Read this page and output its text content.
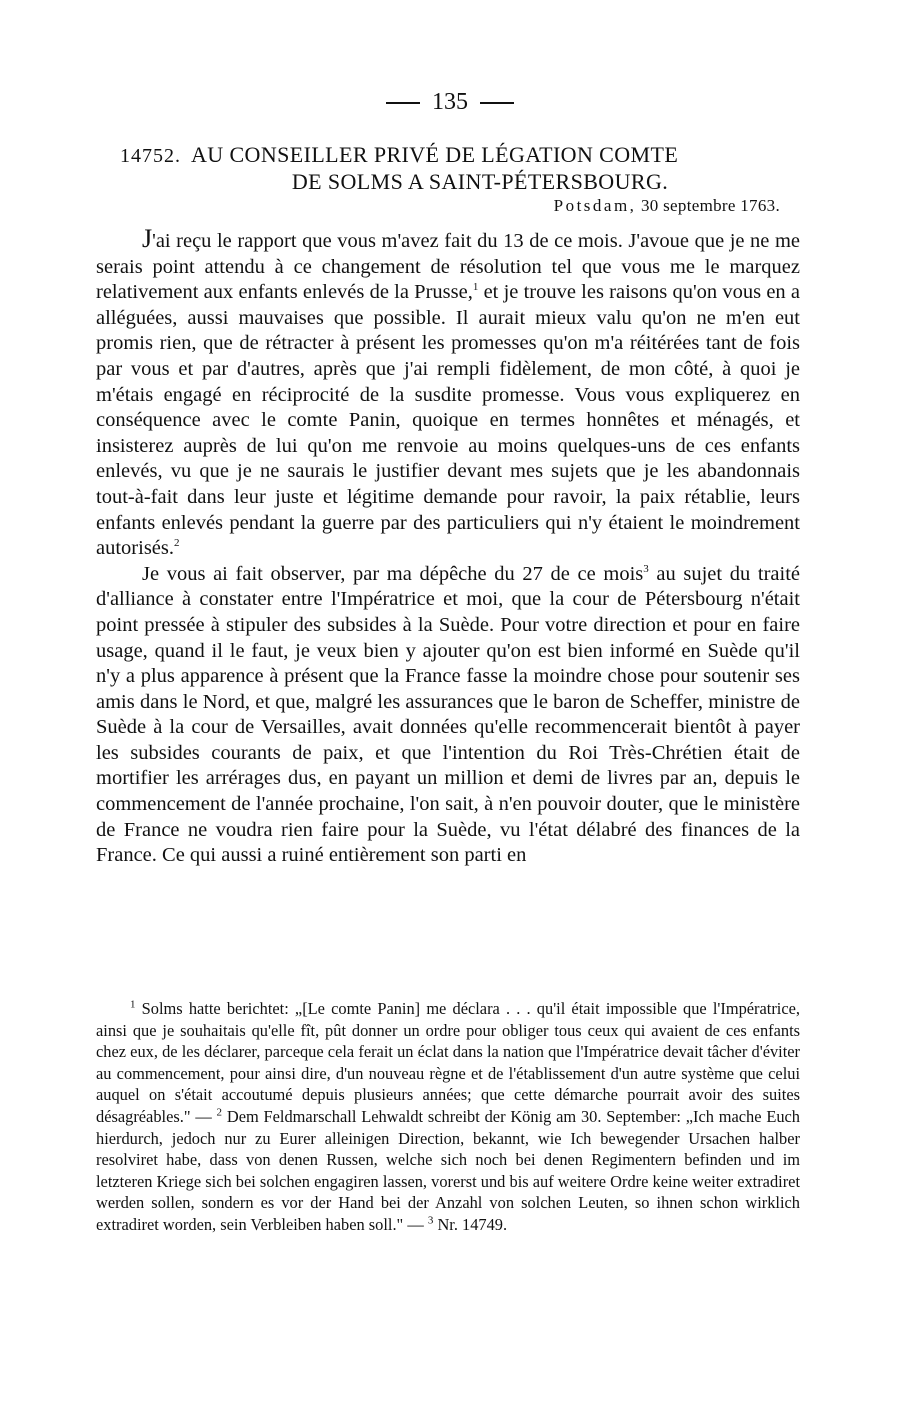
135
14752. AU CONSEILLER PRIVÉ DE LÉGATION COMTE
DE SOLMS A SAINT-PÉTERSBOURG.
Potsdam, 30 septembre 1763.

J'ai reçu le rapport que vous m'avez fait du 13 de ce mois. J'avoue que je ne me serais point attendu à ce changement de résolution tel que vous me le marquez relativement aux enfants enlevés de la Prusse,$^1$ et je trouve les raisons qu'on vous en a alléguées, aussi mauvaises que possible. Il aurait mieux valu qu'on ne m'en eut promis rien, que de rétracter à présent les promesses qu'on m'a réitérées tant de fois par vous et par d'autres, après que j'ai rempli fidèlement, de mon côté, à quoi je m'étais engagé en réciprocité de la susdite promesse. Vous vous expliquerez en conséquence avec le comte Panin, quoique en termes honnêtes et ménagés, et insisterez auprès de lui qu'on me renvoie au moins quelques-uns de ces enfants enlevés, vu que je ne saurais le justifier devant mes sujets que je les abandonnais tout-à-fait dans leur juste et légitime demande pour ravoir, la paix rétablie, leurs enfants enlevés pendant la guerre par des particuliers qui n'y étaient le moindrement autorisés.$^2$

Je vous ai fait observer, par ma dépêche du 27 de ce mois$^3$ au sujet du traité d'alliance à constater entre l'Impératrice et moi, que la cour de Pétersbourg n'était point pressée à stipuler des subsides à la Suède. Pour votre direction et pour en faire usage, quand il le faut, je veux bien y ajouter qu'on est bien informé en Suède qu'il n'y a plus apparence à présent que la France fasse la moindre chose pour soutenir ses amis dans le Nord, et que, malgré les assurances que le baron de Scheffer, ministre de Suède à la cour de Versailles, avait données qu'elle recommencerait bientôt à payer les subsides courants de paix, et que l'intention du Roi Très-Chrétien était de mortifier les arrérages dus, en payant un million et demi de livres par an, depuis le commencement de l'année prochaine, l'on sait, à n'en pouvoir douter, que le ministère de France ne voudra rien faire pour la Suède, vu l'état délabré des finances de la France. Ce qui aussi a ruiné entièrement son parti en

$^1$ Solms hatte berichtet: „[Le comte Panin] me déclara . . . qu'il était impossible que l'Impératrice, ainsi que je souhaitais qu'elle fît, pût donner un ordre pour obliger tous ceux qui avaient de ces enfants chez eux, de les déclarer, parceque cela ferait un éclat dans la nation que l'Impératrice devait tâcher d'éviter au commencement, pour ainsi dire, d'un nouveau règne et de l'établissement d'un autre système que celui auquel on s'était accoutumé depuis plusieurs années; que cette démarche pourrait avoir des suites désagréables." — $^2$ Dem Feldmarschall Lehwaldt schreibt der König am 30. September: „Ich mache Euch hierdurch, jedoch nur zu Eurer alleinigen Direction, bekannt, wie Ich bewegender Ursachen halber resolviret habe, dass von denen Russen, welche sich noch bei denen Regimentern befinden und im letzteren Kriege sich bei solchen engagiren lassen, vorerst und bis auf weitere Ordre keine weiter extradiret werden sollen, sondern es vor der Hand bei der Anzahl von solchen Leuten, so ihnen schon wirklich extradiret worden, sein Verbleiben haben soll." — $^3$ Nr. 14749.
